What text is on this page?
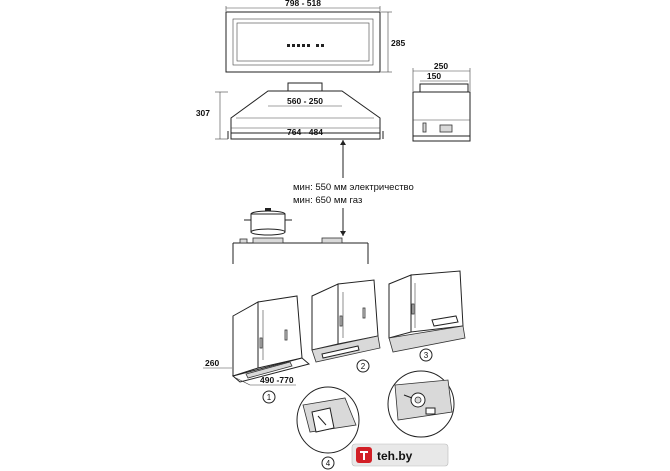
798 - 518
285
307
560 - 250
764 - 484
250
150
мин: 550 мм электричество
мин: 650 мм газ
260
490 -770
1
2
3
4
teh.by
